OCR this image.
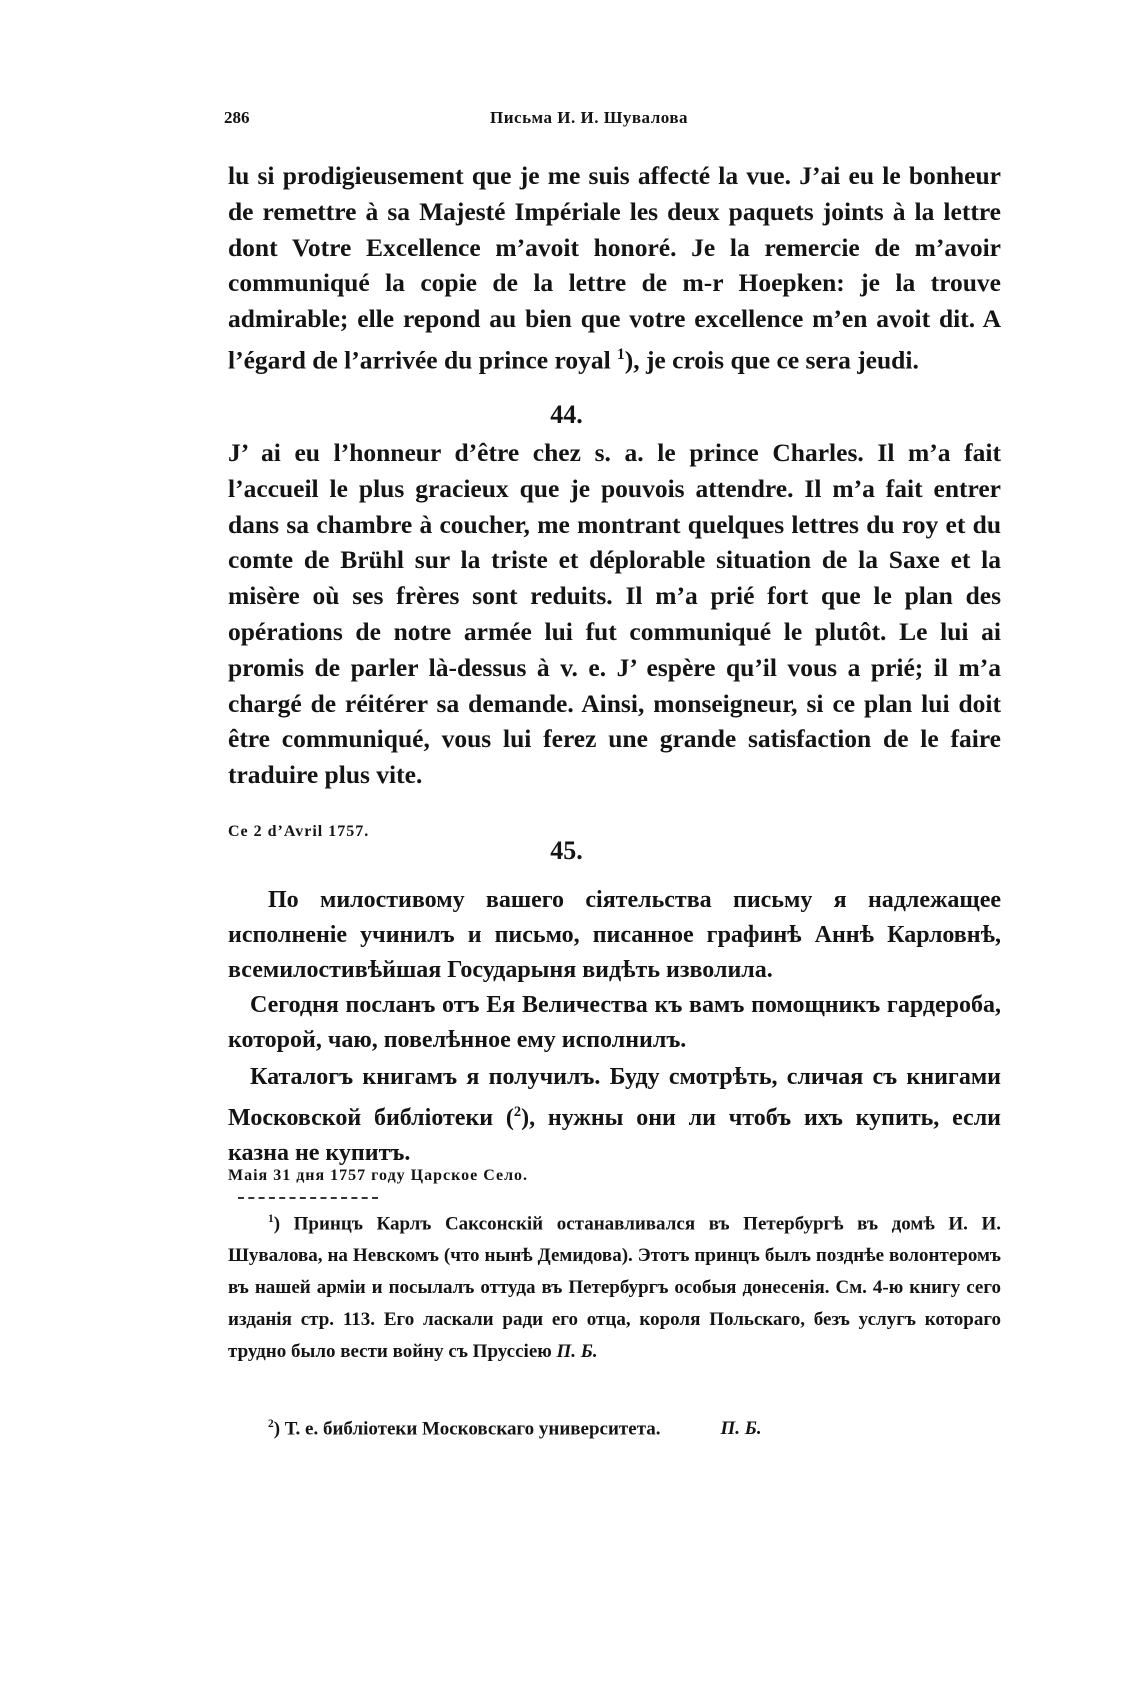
286	Письма И. И. Шувалова

lu si prodigieusement que je me suis affecté la vue. J’ai eu le bonheur de remettre à sa Majesté Impériale les deux paquets joints à la lettre dont Votre Excellence m’avoit honoré. Je la remercie de m’avoir communiqué la copie de la lettre de m-r Hoepken: je la trouve admirable; elle repond au bien que votre excellence m’en avoit dit. A l’égard de l’arrivée du prince royal $^1$), je crois que ce sera jeudi.

44.

J’ ai eu l’honneur d’être chez s. a. le prince Charles. Il m’a fait l’accueil le plus gracieux que je pouvois attendre. Il m’a fait entrer dans sa chambre à coucher, me montrant quelques lettres du roy et du comte de Brühl sur la triste et déplorable situation de la Saxe et la misère où ses frères sont reduits. Il m’a prié fort que le plan des opérations de notre armée lui fut communiqué le plutôt. Le lui ai promis de parler là-dessus à v. e. J’ espère qu’il vous a prié; il m’a chargé de réitérer sa demande. Ainsi, monseigneur, si ce plan lui doit être communiqué, vous lui ferez une grande satisfaction de le faire traduire plus vite.

Ce 2 d’Avril 1757.
45.

По милостивому вашего сіятельства письму я надлежащее исполненіе учинилъ и письмо, писанное графинѣ Аннѣ Карловнѣ, всемилостивѣйшая Государыня видѣть изволила.

Сегодня посланъ отъ Ея Величества къ вамъ помощникъ гардероба, которой, чаю, повелѣнное ему исполнилъ.

Каталогъ книгамъ я получилъ. Буду смотрѣть, сличая съ книгами Московской библіотеки ($^2$), нужны они ли чтобъ ихъ купить, если казна не купитъ.

Маія 31 дня 1757 году Царское Село.

$^1$) Принцъ Карлъ Саксонскій останавливался въ Петербургѣ въ домѣ И. И. Шувалова, на Невскомъ (что нынѣ Демидова). Этотъ принцъ былъ позднѣе волонтеромъ въ нашей арміи и посылалъ оттуда въ Петербургъ особыя донесенія. См. 4-ю книгу сего изданія стр. 113. Его ласкали ради его отца, короля Польскаго, безъ услугъ котораго трудно было вести войну съ Пруссіею П. Б.

$^2$) Т. е. библіотеки Московскаго университета.	П. Б.
